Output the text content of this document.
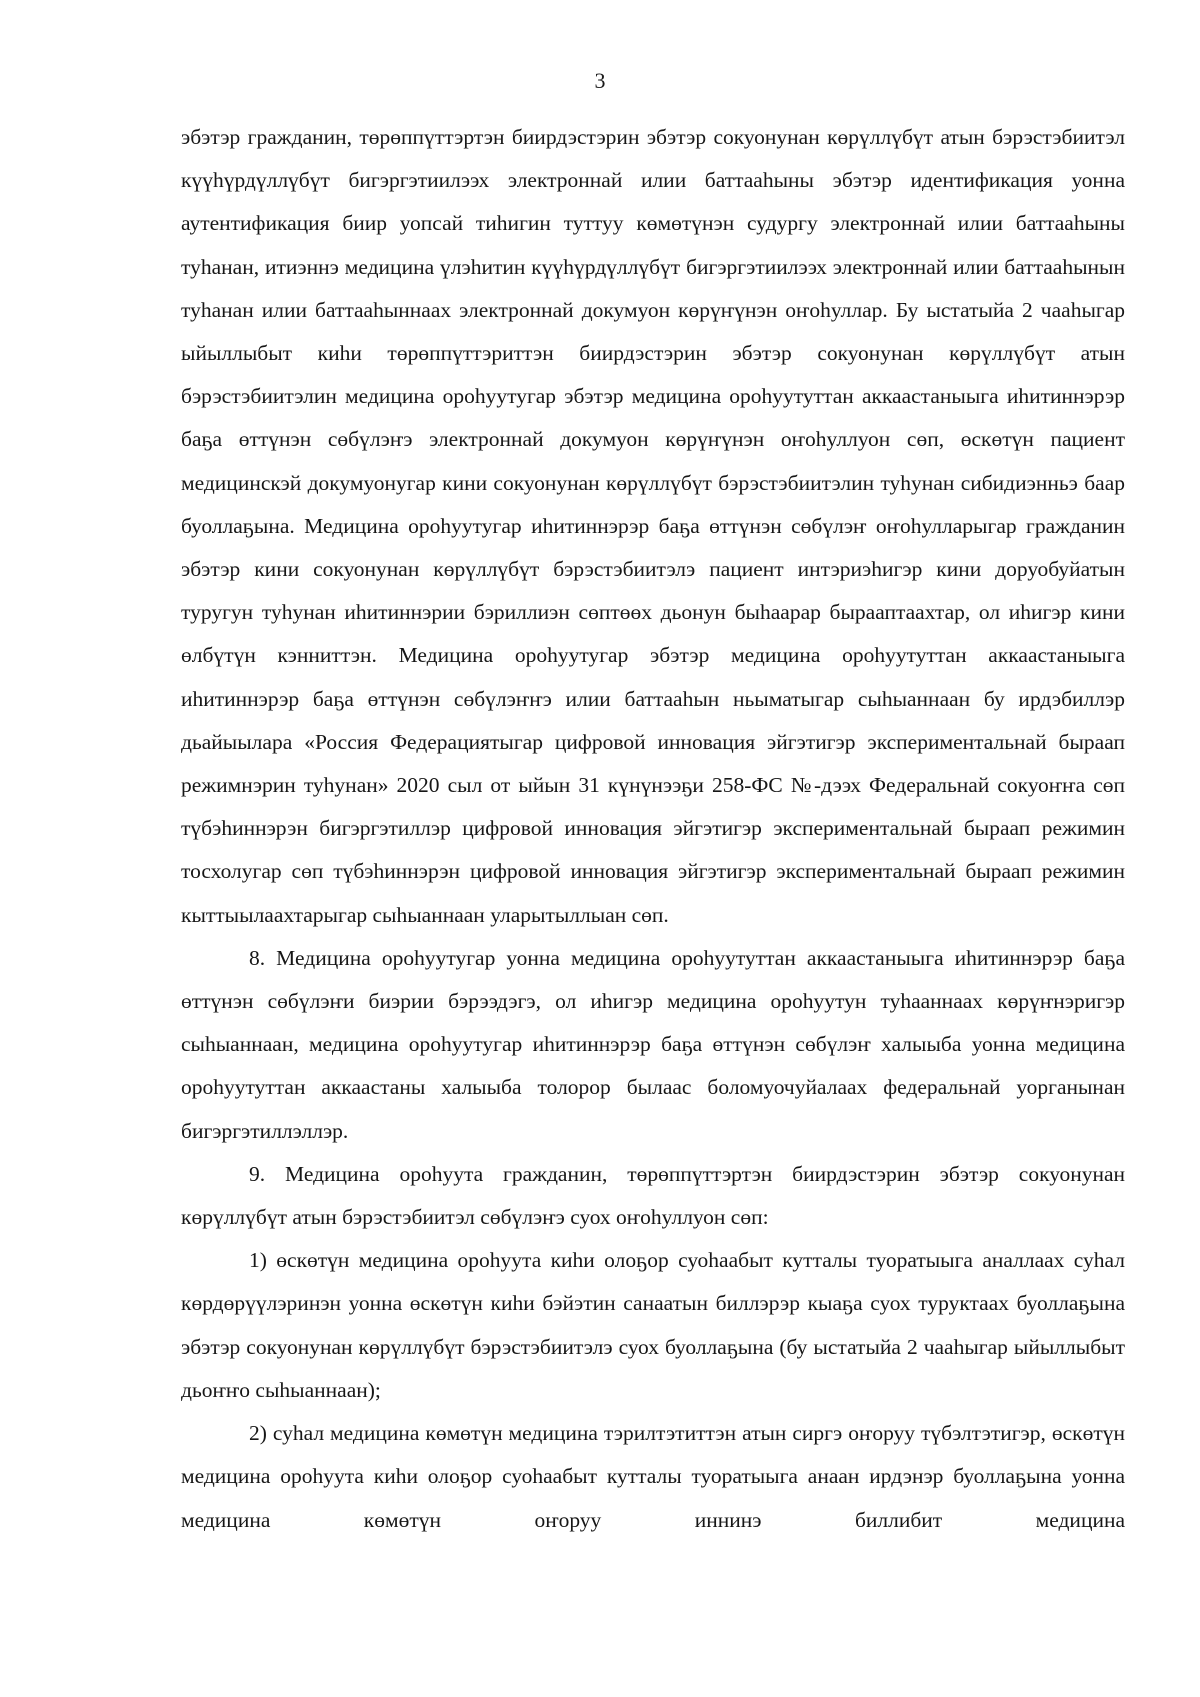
3

эбэтэр гражданин, төрөппүттэртэн биирдэстэрин эбэтэр сокуонунан көрүллүбүт атын бэрэстэбиитэл күүһүрдүллүбүт бигэргэтиилээх электроннай илии баттааһыны эбэтэр идентификация уонна аутентификация биир уопсай тиһигин туттуу көмөтүнэн судургу электроннай илии баттааһыны туһанан, итиэннэ медицина үлэһитин күүһүрдүллүбүт бигэргэтиилээх электроннай илии баттааһынын туһанан илии баттааһыннаах электроннай докумуон көрүҥүнэн оҥоһуллар. Бу ыстатыйа 2 чааһыгар ыйыллыбыт киһи төрөппүттэриттэн биирдэстэрин эбэтэр сокуонунан көрүллүбүт атын бэрэстэбиитэлин медицина ороһуутугар эбэтэр медицина ороһуутуттан аккаастаныыга иһитиннэрэр баҕа өттүнэн сөбүлэҥэ электроннай докумуон көрүҥүнэн оҥоһуллуон сөп, өскөтүн пациент медицинскэй докумуонугар кини сокуонунан көрүллүбүт бэрэстэбиитэлин туһунан сибидиэнньэ баар буоллаҕына. Медицина ороһуутугар иһитиннэрэр баҕа өттүнэн сөбүлэҥ оҥоһулларыгар гражданин эбэтэр кини сокуонунан көрүллүбүт бэрэстэбиитэлэ пациент интэриэһигэр кини доруобуйатын туругун туһунан иһитиннэрии бэриллиэн сөптөөх дьонун быһаарар бырааптаахтар, ол иһигэр кини өлбүтүн кэнниттэн. Медицина ороһуутугар эбэтэр медицина ороһуутуттан аккаастаныыга иһитиннэрэр баҕа өттүнэн сөбүлэҥҥэ илии баттааһын ньыматыгар сыһыаннаан бу ирдэбиллэр дьайыылара «Россия Федерациятыгар цифровой инновация эйгэтигэр экспериментальнай быраап режимнэрин туһунан» 2020 сыл от ыйын 31 күнүнээҕи 258-ФС №-дээх Федеральнай сокуоҥҥа сөп түбэһиннэрэн бигэргэтиллэр цифровой инновация эйгэтигэр экспериментальнай быраап режимин тосхолугар сөп түбэһиннэрэн цифровой инновация эйгэтигэр экспериментальнай быраап режимин кыттыылаахтарыгар сыһыаннаан уларытыллыан сөп.

8. Медицина ороһуутугар уонна медицина ороһуутуттан аккаастаныыга иһитиннэрэр баҕа өттүнэн сөбүлэҥи биэрии бэрээдэгэ, ол иһигэр медицина ороһуутун туһааннаах көрүҥнэригэр сыһыаннаан, медицина ороһуутугар иһитиннэрэр баҕа өттүнэн сөбүлэҥ халыыба уонна медицина ороһуутуттан аккаастаны халыыба толорор былаас боломуочуйалаах федеральнай уорганынан бигэргэтиллэллэр.

9. Медицина ороһуута гражданин, төрөппүттэртэн биирдэстэрин эбэтэр сокуонунан көрүллүбүт атын бэрэстэбиитэл сөбүлэҥэ суох оҥоһуллуон сөп:

1) өскөтүн медицина ороһуута киһи олоҕор суоһаабыт кутталы туоратыыга аналлаах суһал көрдөрүүлэринэн уонна өскөтүн киһи бэйэтин санаатын биллэрэр кыаҕа суох туруктаах буоллаҕына эбэтэр сокуонунан көрүллүбүт бэрэстэбиитэлэ суох буоллаҕына (бу ыстатыйа 2 чааһыгар ыйыллыбыт дьоҥҥо сыһыаннаан);

2) суһал медицина көмөтүн медицина тэрилтэтиттэн атын сиргэ оҥоруу түбэлтэтигэр, өскөтүн медицина ороһуута киһи олоҕор суоһаабыт кутталы туоратыыга анаан ирдэнэр буоллаҕына уонна медицина көмөтүн оҥоруу иннинэ биллибит медицина
